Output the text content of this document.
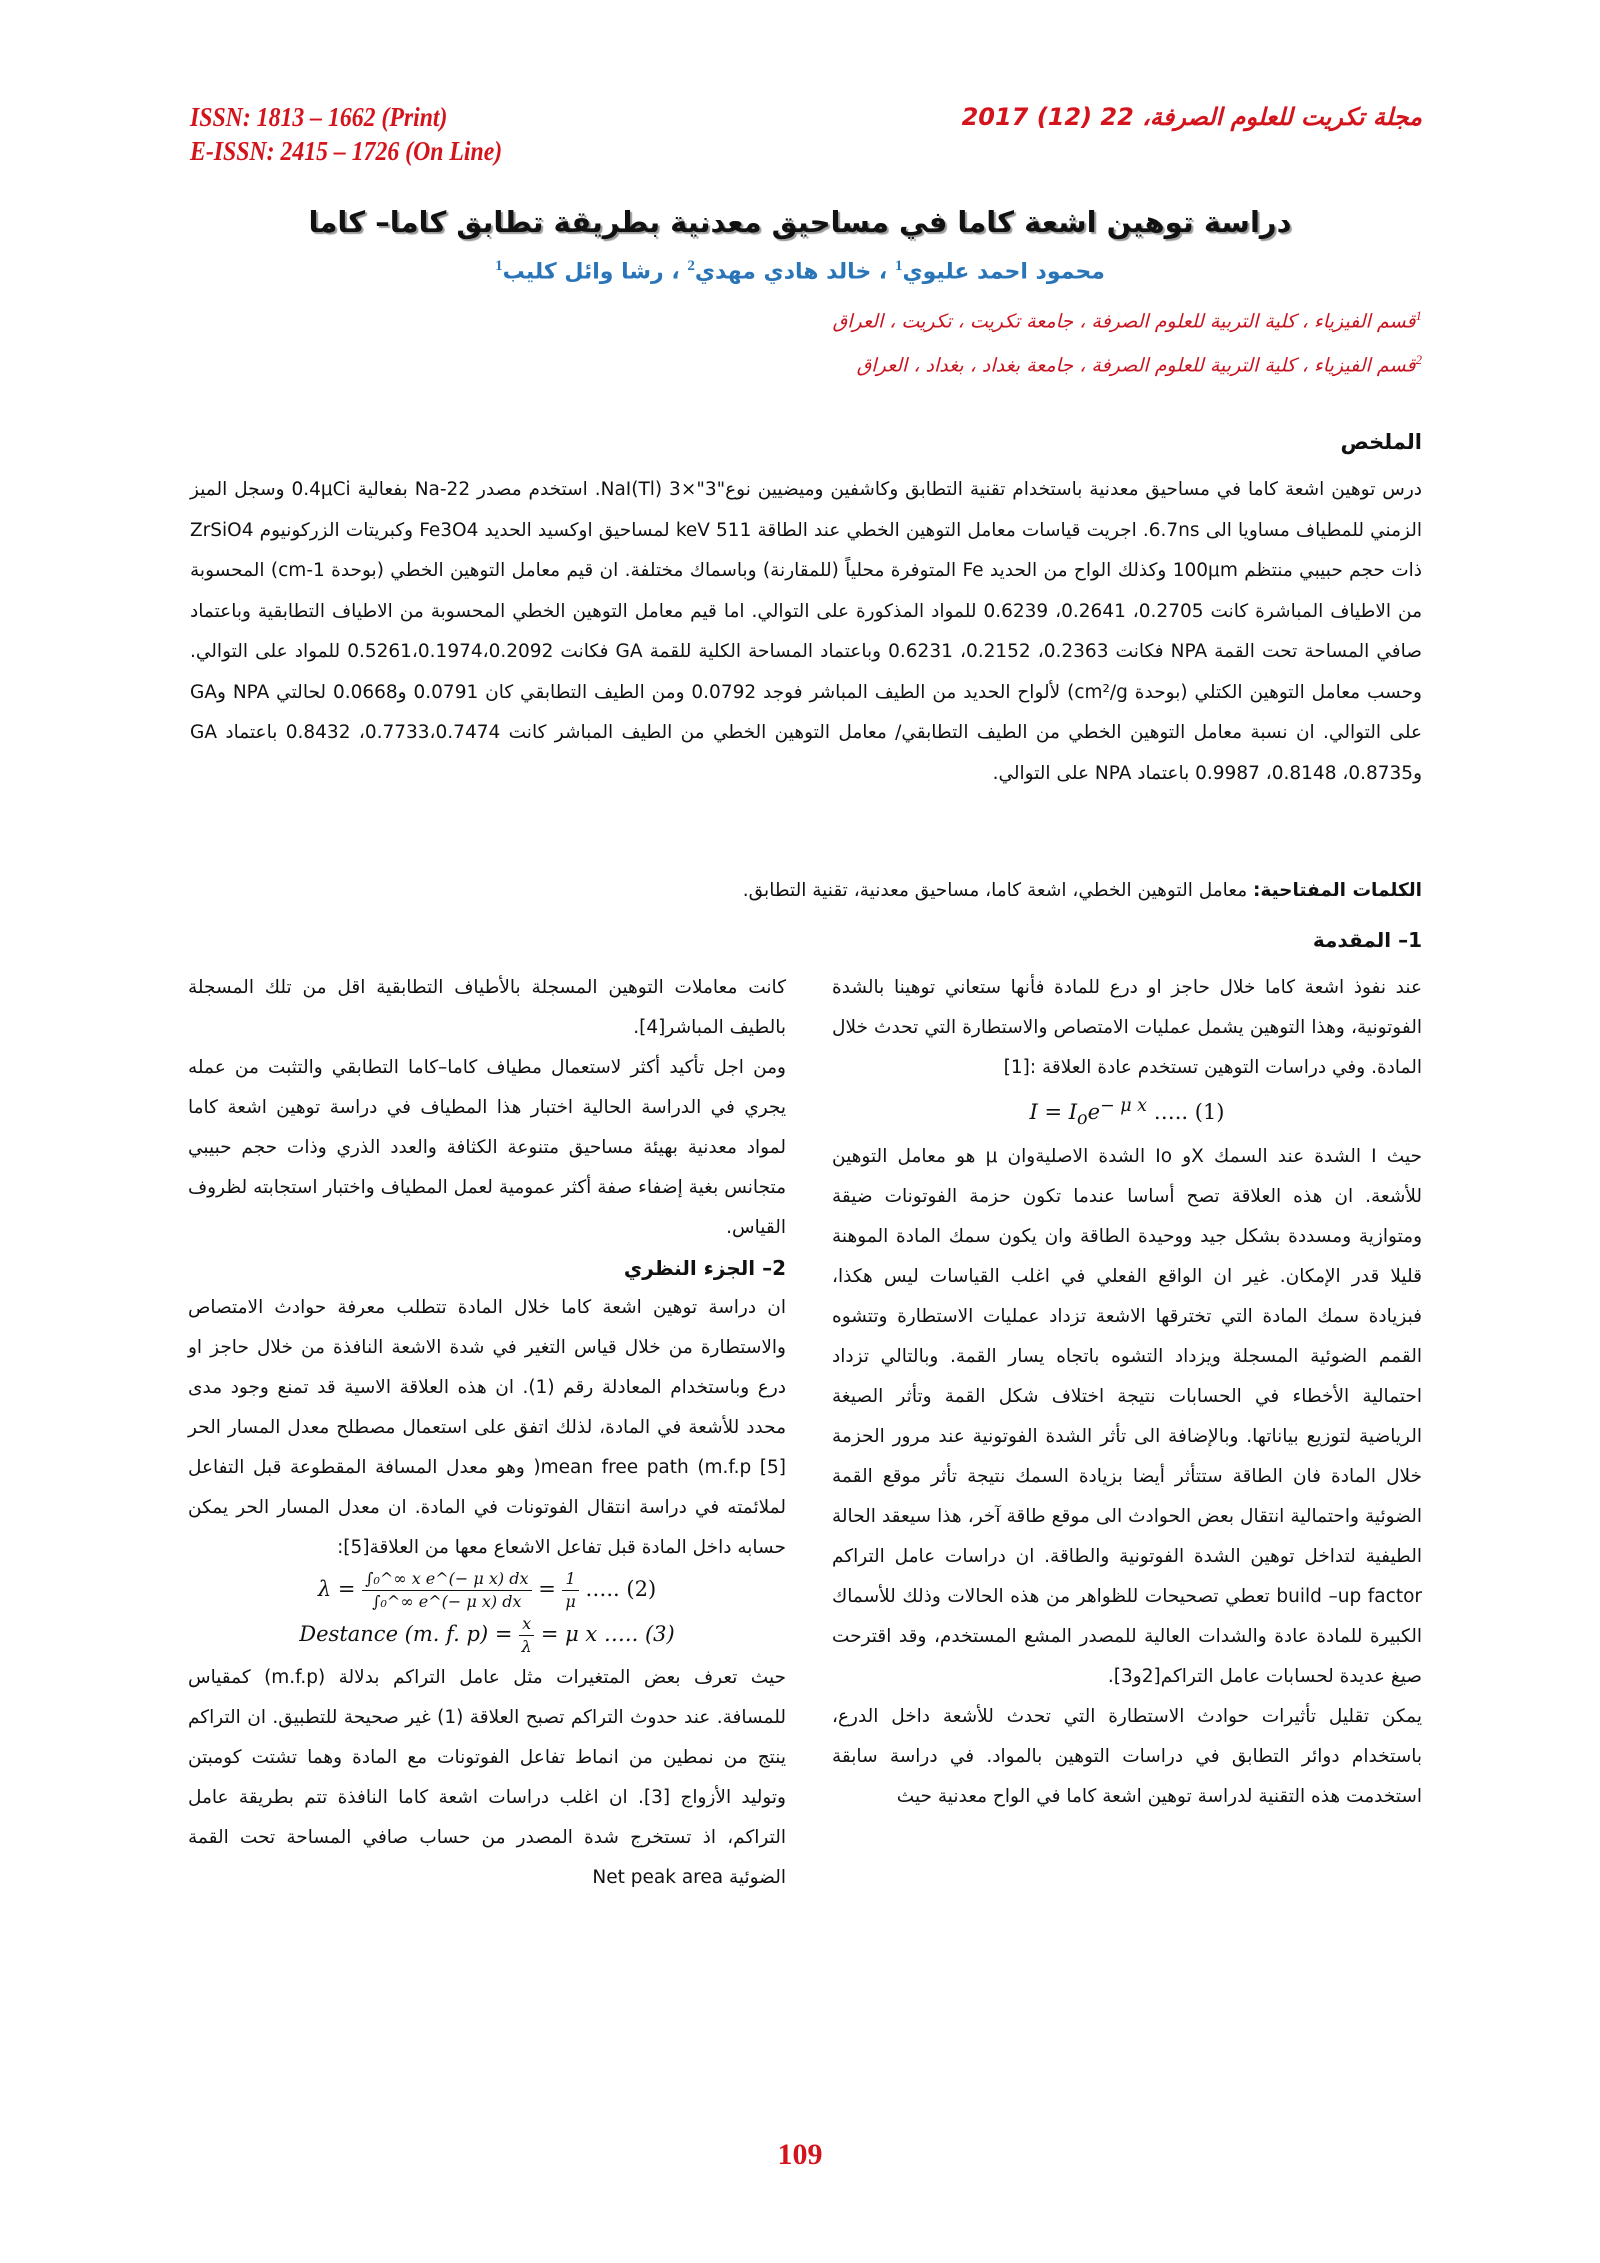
ISSN: 1813 – 1662 (Print)
E-ISSN: 2415 – 1726 (On Line)
مجلة تكريت للعلوم الصرفة، 22 (12) 2017
دراسة توهين اشعة كاما في مساحيق معدنية بطريقة تطابق كاما– كاما
محمود احمد عليوي$^1$ ، خالد هادي مهدي$^2$ ، رشا وائل كليب$^1$
$^1$قسم الفيزياء ، كلية التربية للعلوم الصرفة ، جامعة تكريت ، تكريت ، العراق
$^2$قسم الفيزياء ، كلية التربية للعلوم الصرفة ، جامعة بغداد ، بغداد ، العراق
الملخص
درس توهين اشعة كاما في مساحيق معدنية باستخدام تقنية التطابق وكاشفين وميضيين نوع"3"×3 (NaI(Tl. استخدم مصدر Na-22 بفعالية 0.4μCi وسجل الميز الزمني للمطياف مساويا الى 6.7ns. اجريت قياسات معامل التوهين الخطي عند الطاقة keV 511 لمساحيق اوكسيد الحديد Fe3O4 وكبريتات الزركونيوم ZrSiO4 ذات حجم حبيبي منتظم 100μm وكذلك الواح من الحديد Fe المتوفرة محلياً (للمقارنة) وباسماك مختلفة. ان قيم معامل التوهين الخطي (بوحدة cm-1) المحسوبة من الاطياف المباشرة كانت 0.2705، 0.2641، 0.6239 للمواد المذكورة على التوالي. اما قيم معامل التوهين الخطي المحسوبة من الاطياف التطابقية وباعتماد صافي المساحة تحت القمة NPA فكانت 0.2363، 0.2152، 0.6231 وباعتماد المساحة الكلية للقمة GA فكانت 0.5261،0.1974،0.2092 للمواد على التوالي. وحسب معامل التوهين الكتلي (بوحدة cm²/g) لألواح الحديد من الطيف المباشر فوجد 0.0792 ومن الطيف التطابقي كان 0.0791 و0.0668 لحالتي NPA وGA على التوالي. ان نسبة معامل التوهين الخطي من الطيف التطابقي/ معامل التوهين الخطي من الطيف المباشر كانت 0.7733،0.7474، 0.8432 باعتماد GA و0.8735، 0.8148، 0.9987 باعتماد NPA على التوالي.
الكلمات المفتاحية: معامل التوهين الخطي، اشعة كاما، مساحيق معدنية، تقنية التطابق.
1– المقدمة

عند نفوذ اشعة كاما خلال حاجز او درع للمادة فأنها ستعاني توهينا بالشدة الفوتونية، وهذا التوهين يشمل عمليات الامتصاص والاستطارة التي تحدث خلال المادة. وفي دراسات التوهين تستخدم عادة العلاقة :[1]

$I = I_oe^{- \mu x}$ ….. (1)

حيث I الشدة عند السمك Xو Io الشدة الاصليةوان μ هو معامل التوهين للأشعة. ان هذه العلاقة تصح أساسا عندما تكون حزمة الفوتونات ضيقة ومتوازية ومسددة بشكل جيد ووحيدة الطاقة وان يكون سمك المادة الموهنة قليلا قدر الإمكان. غير ان الواقع الفعلي في اغلب القياسات ليس هكذا، فبزيادة سمك المادة التي تخترقها الاشعة تزداد عمليات الاستطارة وتتشوه القمم الضوئية المسجلة ويزداد التشوه باتجاه يسار القمة. وبالتالي تزداد احتمالية الأخطاء في الحسابات نتيجة اختلاف شكل القمة وتأثر الصيغة الرياضية لتوزيع بياناتها. وبالإضافة الى تأثر الشدة الفوتونية عند مرور الحزمة خلال المادة فان الطاقة ستتأثر أيضا بزيادة السمك نتيجة تأثر موقع القمة الضوئية واحتمالية انتقال بعض الحوادث الى موقع طاقة آخر، هذا سيعقد الحالة الطيفية لتداخل توهين الشدة الفوتونية والطاقة. ان دراسات عامل التراكم build –up factor تعطي تصحيحات للظواهر من هذه الحالات وذلك للأسماك الكبيرة للمادة عادة والشدات العالية للمصدر المشع المستخدم، وقد اقترحت صيغ عديدة لحسابات عامل التراكم[2و3].

يمكن تقليل تأثيرات حوادث الاستطارة التي تحدث للأشعة داخل الدرع، باستخدام دوائر التطابق في دراسات التوهين بالمواد. في دراسة سابقة استخدمت هذه التقنية لدراسة توهين اشعة كاما في الواح معدنية حيث

كانت معاملات التوهين المسجلة بالأطياف التطابقية اقل من تلك المسجلة بالطيف المباشر[4].

ومن اجل تأكيد أكثر لاستعمال مطياف كاما–كاما التطابقي والتثبت من عمله يجري في الدراسة الحالية اختبار هذا المطياف في دراسة توهين اشعة كاما لمواد معدنية بهيئة مساحيق متنوعة الكثافة والعدد الذري وذات حجم حبيبي متجانس بغية إضفاء صفة أكثر عمومية لعمل المطياف واختبار استجابته لظروف القياس.

2– الجزء النظري

ان دراسة توهين اشعة كاما خلال المادة تتطلب معرفة حوادث الامتصاص والاستطارة من خلال قياس التغير في شدة الاشعة النافذة من خلال حاجز او درع وباستخدام المعادلة رقم (1). ان هذه العلاقة الاسية قد تمنع وجود مدى محدد للأشعة في المادة، لذلك اتفق على استعمال مصطلح معدل المسار الحر mean free path (m.f.p [5]( وهو معدل المسافة المقطوعة قبل التفاعل لملائمته في دراسة انتقال الفوتونات في المادة. ان معدل المسار الحر يمكن حسابه داخل المادة قبل تفاعل الاشعاع معها من العلاقة[5]:

$\lambda = \frac{\text{∫₀\textasciicircum{}∞ x e\textasciicircum{}(− μ x) dx}}{\text{∫₀\textasciicircum{}∞ e\textasciicircum{}(− μ x) dx}} = \frac{1}{\mu}$ ….. (2)
Destance (m. f. $p) = \frac{x}{\lambda} = \mu$ x ….. (3)

حيث تعرف بعض المتغيرات مثل عامل التراكم بدلالة (m.f.p) كمقياس للمسافة. عند حدوث التراكم تصبح العلاقة (1) غير صحيحة للتطبيق. ان التراكم ينتج من نمطين من انماط تفاعل الفوتونات مع المادة وهما تشتت كومبتن وتوليد الأزواج [3]. ان اغلب دراسات اشعة كاما النافذة تتم بطريقة عامل التراكم، اذ تستخرج شدة المصدر من حساب صافي المساحة تحت القمة الضوئية Net peak area

109
